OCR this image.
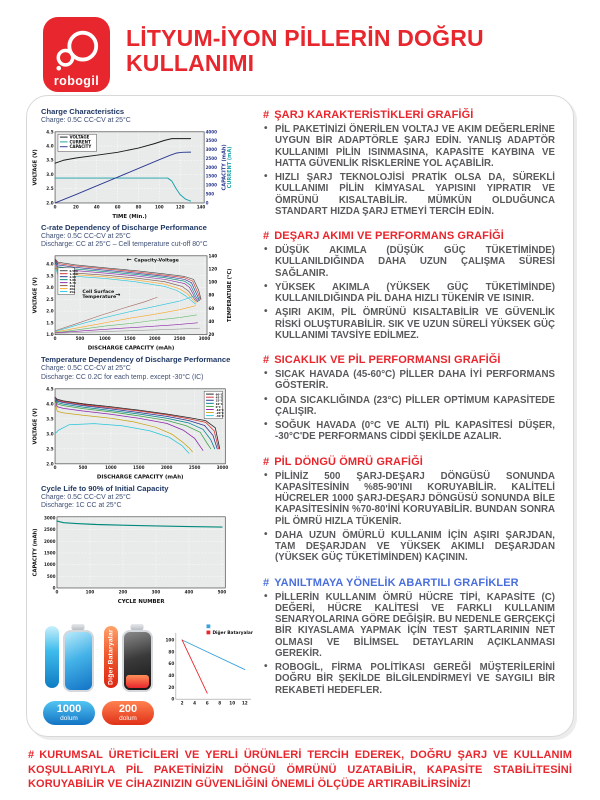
robogil
LİTYUM-İYON PİLLERİN DOĞRU KULLANIMI
Charge Characteristics
Charge: 0.5C CC-CV at 25°C
0	20	40	60	80	100	120	140
2.0
2.5
3.0
3.5
4.0
4.5
0
500
1000
1500
2000
2500
3000
3500
4000
TIME (Min.)
VOLTAGE (V)	CAPACITY (mAh) CURRENT (mA)
VOLTAGE
CURRENT
CAPACITY
C-rate Dependency of Discharge Performance
Charge: 0.5C CC-CV at 25°C
Discharge: CC at 25°C – Cell temperature cut-off 80°C
0	500	1000	1500	2000	2500	3000
1.0
1.5
2.0
2.5
3.0
3.5
4.0
20
40
60
80
100
120
140
DISCHARGE CAPACITY (mAh)
VOLTAGE (V)	TEMPERATURE (°C)
0.58A
1.45A
2.9A
5.8A
8.7A
15A
20A
25A
Capacity-Voltage
←
Cell Surface
Temperature
→
Temperature Dependency of Discharge Performance
Charge: 0.5C CC-CV at 25°C
Discharge: CC 0.2C for each temp. except -30°C (IC)
0	500	1000	1500	2000	2500	3000
2.0
2.5
3.0
3.5
4.0
4.5
DISCHARGE CAPACITY (mAh)
VOLTAGE (V)
60°C
45°C
25°C
10°C
0°C
-10°C
-20°C
-30°C
Cycle Life to 90% of Initial Capacity
Charge: 0.5C CC-CV at 25°C
Discharge: 1C CC at 25°C
0	100	200	300	400	500
0
500
1000
1500
2000
2500
3000
CYCLE NUMBER
CAPACITY (mAh)
1000
dolum
Diğer Bataryalar
200
dolum
2 4 6 8 10 12
0
20
40
60
80
100
Diğer Bataryalar
# ŞARJ KARAKTERİSTİKLERİ GRAFİĞİ
• PİL PAKETİNİZİ ÖNERİLEN VOLTAJ VE AKIM DEĞERLERİNE UYGUN BİR ADAPTÖRLE ŞARJ EDİN. YANLIŞ ADAPTÖR KULLANIMI PİLİN ISINMASINA, KAPASİTE KAYBINA VE HATTA GÜVENLİK RİSKLERİNE YOL AÇABİLİR.
• HIZLI ŞARJ TEKNOLOJİSİ PRATİK OLSA DA, SÜREKLİ KULLANIMI PİLİN KİMYASAL YAPISINI YIPRATIR VE ÖMRÜNÜ KISALTABİLİR. MÜMKÜN OLDUĞUNCA STANDART HIZDA ŞARJ ETMEYİ TERCİH EDİN.
# DEŞARJ AKIMI VE PERFORMANS GRAFİĞİ
• DÜŞÜK AKIMLA (DÜŞÜK GÜÇ TÜKETİMİNDE) KULLANILDIĞINDA DAHA UZUN ÇALIŞMA SÜRESİ SAĞLANIR.
• YÜKSEK AKIMLA (YÜKSEK GÜÇ TÜKETİMİNDE) KULLANILDIĞINDA PİL DAHA HIZLI TÜKENİR VE ISINIR.
• AŞIRI AKIM, PİL ÖMRÜNÜ KISALTABİLİR VE GÜVENLİK RİSKİ OLUŞTURABİLİR. SIK VE UZUN SÜRELİ YÜKSEK GÜÇ KULLANIMI TAVSİYE EDİLMEZ.
# SICAKLIK VE PİL PERFORMANSI GRAFİĞİ
• SICAK HAVADA (45-60°C) PİLLER DAHA İYİ PERFORMANS GÖSTERİR.
• ODA SICAKLIĞINDA (23°C) PİLLER OPTİMUM KAPASİTEDE ÇALIŞIR.
• SOĞUK HAVADA (0°C VE ALTI) PİL KAPASİTESİ DÜŞER, -30°C'DE PERFORMANS CİDDİ ŞEKİLDE AZALIR.
# PİL DÖNGÜ ÖMRÜ GRAFİĞİ
• PİLİNİZ 500 ŞARJ-DEŞARJ DÖNGÜSÜ SONUNDA KAPASİTESİNİN %85-90'INI KORUYABİLİR. KALİTELİ HÜCRELER 1000 ŞARJ-DEŞARJ DÖNGÜSÜ SONUNDA BİLE KAPASİTESİNİN %70-80'İNİ KORUYABİLİR. BUNDAN SONRA PİL ÖMRÜ HIZLA TÜKENİR.
• DAHA UZUN ÖMÜRLÜ KULLANIM İÇİN AŞIRI ŞARJDAN, TAM DEŞARJDAN VE YÜKSEK AKIMLI DEŞARJDAN (YÜKSEK GÜÇ TÜKETİMİNDEN) KAÇININ.
# YANILTMAYA YÖNELİK ABARTILI GRAFİKLER
• PİLLERİN KULLANIM ÖMRÜ HÜCRE TİPİ, KAPASİTE (C) DEĞERİ, HÜCRE KALİTESİ VE FARKLI KULLANIM SENARYOLARINA GÖRE DEĞİŞİR. BU NEDENLE GERÇEKÇİ BİR KIYASLAMA YAPMAK İÇİN TEST ŞARTLARININ NET OLMASI VE BİLİMSEL DETAYLARIN AÇIKLANMASI GEREKİR.
• ROBOGİL, FİRMA POLİTİKASI GEREĞİ MÜŞTERİLERİNİ DOĞRU BİR ŞEKİLDE BİLGİLENDİRMEYİ VE SAYGILI BİR REKABETİ HEDEFLER.
# KURUMSAL ÜRETİCİLERİ VE YERLİ ÜRÜNLERİ TERCİH EDEREK, DOĞRU ŞARJ VE KULLANIM KOŞULLARIYLA PİL PAKETİNİZİN DÖNGÜ ÖMRÜNÜ UZATABİLİR, KAPASİTE STABİLİTESİNİ KORUYABİLİR VE CİHAZINIZIN GÜVENLİĞİNİ ÖNEMLİ ÖLÇÜDE ARTIRABİLİRSİNİZ!
